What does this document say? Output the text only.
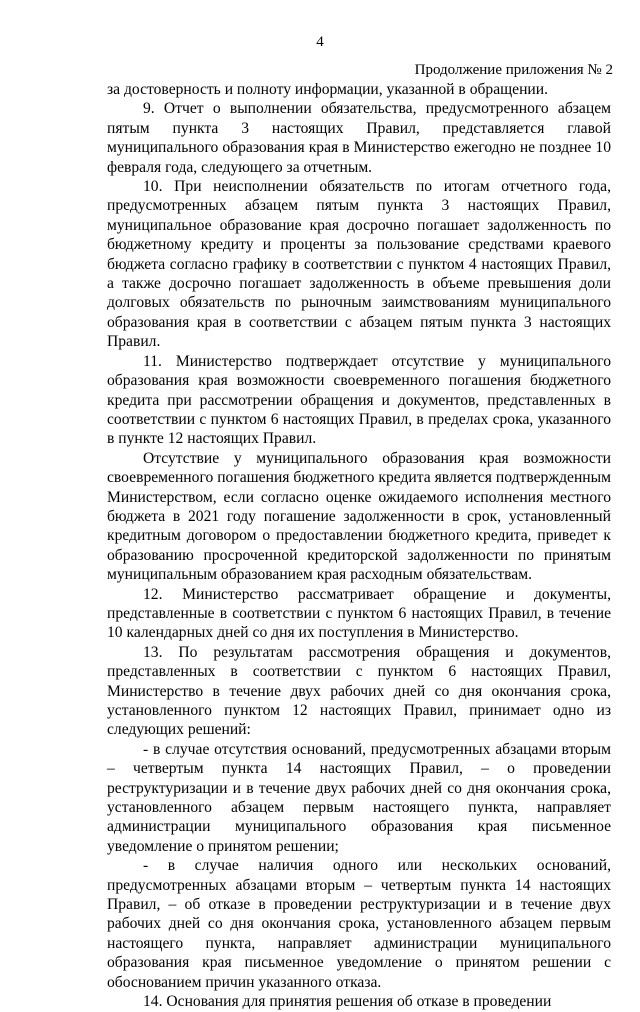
4
Продолжение приложения № 2

за достоверность и полноту информации, указанной в обращении.

9. Отчет о выполнении обязательства, предусмотренного абзацем пятым пункта 3 настоящих Правил, представляется главой муниципального образования края в Министерство ежегодно не позднее 10 февраля года, следующего за отчетным.

10. При неисполнении обязательств по итогам отчетного года, предусмотренных абзацем пятым пункта 3 настоящих Правил, муниципальное образование края досрочно погашает задолженность по бюджетному кредиту и проценты за пользование средствами краевого бюджета согласно графику в соответствии с пунктом 4 настоящих Правил, а также досрочно погашает задолженность в объеме превышения доли долговых обязательств по рыночным заимствованиям муниципального образования края в соответствии с абзацем пятым пункта 3 настоящих Правил.

11. Министерство подтверждает отсутствие у муниципального образования края возможности своевременного погашения бюджетного кредита при рассмотрении обращения и документов, представленных в соответствии с пунктом 6 настоящих Правил, в пределах срока, указанного в пункте 12 настоящих Правил.

Отсутствие у муниципального образования края возможности своевременного погашения бюджетного кредита является подтвержденным Министерством, если согласно оценке ожидаемого исполнения местного бюджета в 2021 году погашение задолженности в срок, установленный кредитным договором о предоставлении бюджетного кредита, приведет к образованию просроченной кредиторской задолженности по принятым муниципальным образованием края расходным обязательствам.

12. Министерство рассматривает обращение и документы, представленные в соответствии с пунктом 6 настоящих Правил, в течение 10 календарных дней со дня их поступления в Министерство.

13. По результатам рассмотрения обращения и документов, представленных в соответствии с пунктом 6 настоящих Правил, Министерство в течение двух рабочих дней со дня окончания срока, установленного пунктом 12 настоящих Правил, принимает одно из следующих решений:

- в случае отсутствия оснований, предусмотренных абзацами вторым – четвертым пункта 14 настоящих Правил, – о проведении реструктуризации и в течение двух рабочих дней со дня окончания срока, установленного абзацем первым настоящего пункта, направляет администрации муниципального образования края письменное уведомление о принятом решении;

- в случае наличия одного или нескольких оснований, предусмотренных абзацами вторым – четвертым пункта 14 настоящих Правил, – об отказе в проведении реструктуризации и в течение двух рабочих дней со дня окончания срока, установленного абзацем первым настоящего пункта, направляет администрации муниципального образования края письменное уведомление о принятом решении с обоснованием причин указанного отказа.

14. Основания для принятия решения об отказе в проведении
